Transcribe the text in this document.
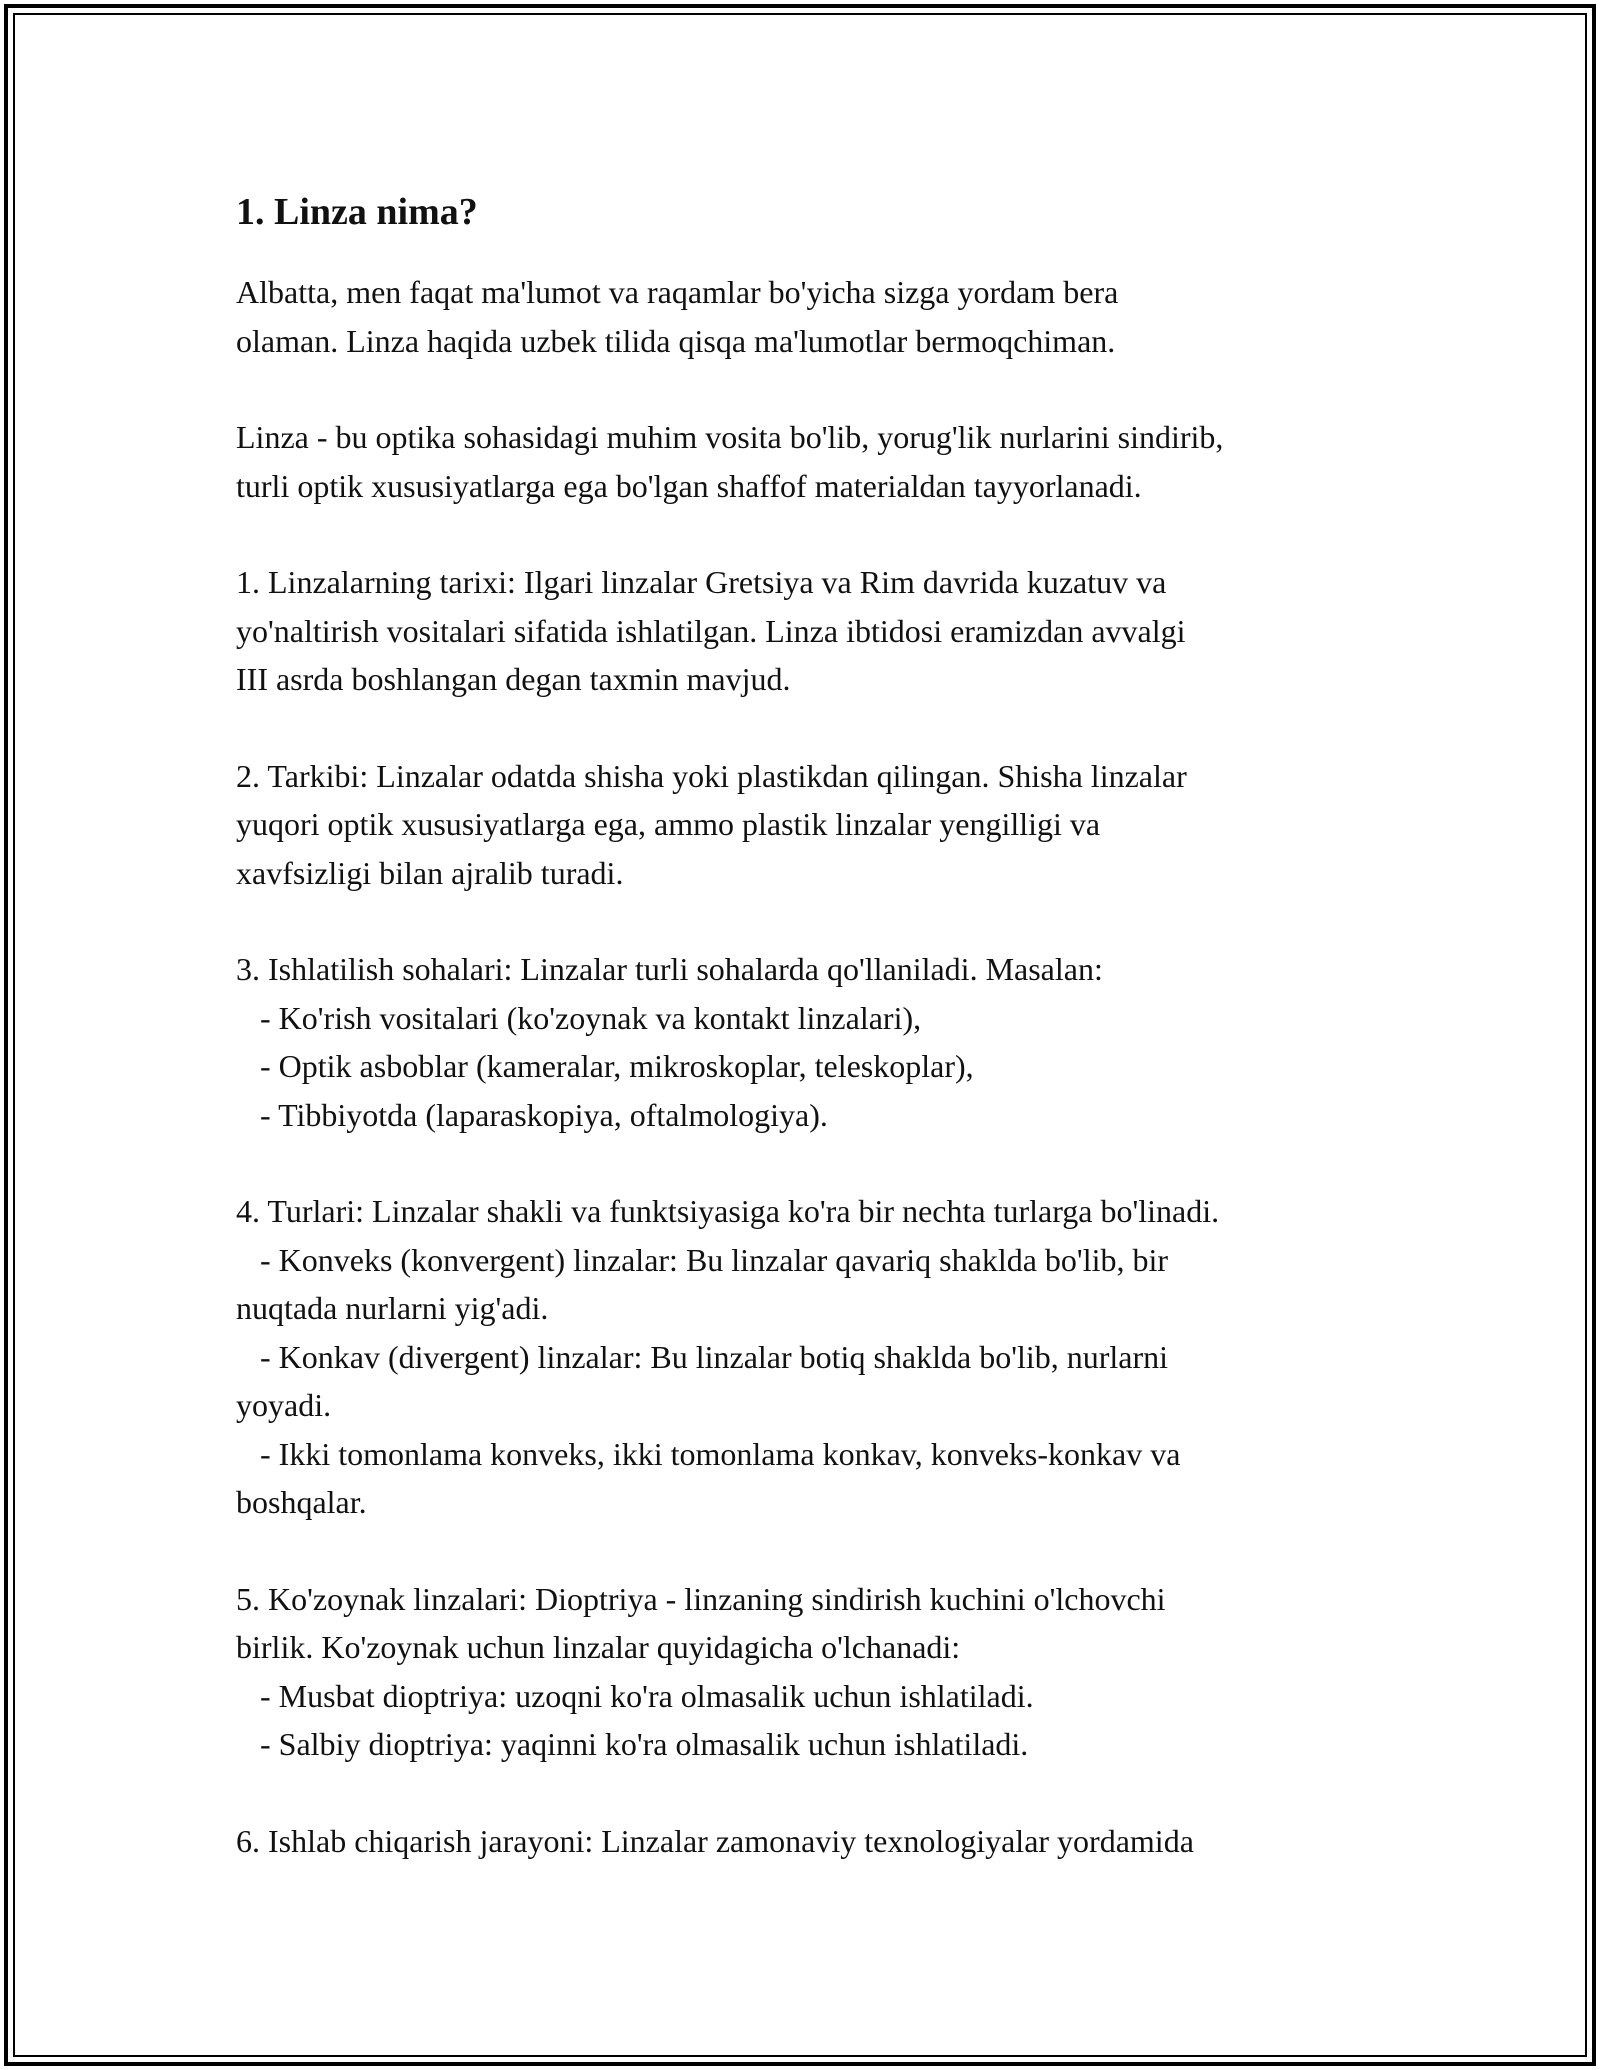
1. Linza nima?
Albatta, men faqat ma'lumot va raqamlar bo'yicha sizga yordam bera
olaman. Linza haqida uzbek tilida qisqa ma'lumotlar bermoqchiman.
Linza - bu optika sohasidagi muhim vosita bo'lib, yorug'lik nurlarini sindirib,
turli optik xususiyatlarga ega bo'lgan shaffof materialdan tayyorlanadi.
1. Linzalarning tarixi: Ilgari linzalar Gretsiya va Rim davrida kuzatuv va
yo'naltirish vositalari sifatida ishlatilgan. Linza ibtidosi eramizdan avvalgi
III asrda boshlangan degan taxmin mavjud.
2. Tarkibi: Linzalar odatda shisha yoki plastikdan qilingan. Shisha linzalar
yuqori optik xususiyatlarga ega, ammo plastik linzalar yengilligi va
xavfsizligi bilan ajralib turadi.
3. Ishlatilish sohalari: Linzalar turli sohalarda qo'llaniladi. Masalan:
- Ko'rish vositalari (ko'zoynak va kontakt linzalari),
- Optik asboblar (kameralar, mikroskoplar, teleskoplar),
- Tibbiyotda (laparaskopiya, oftalmologiya).
4. Turlari: Linzalar shakli va funktsiyasiga ko'ra bir nechta turlarga bo'linadi.
- Konveks (konvergent) linzalar: Bu linzalar qavariq shaklda bo'lib, bir
nuqtada nurlarni yig'adi.
- Konkav (divergent) linzalar: Bu linzalar botiq shaklda bo'lib, nurlarni
yoyadi.
- Ikki tomonlama konveks, ikki tomonlama konkav, konveks-konkav va
boshqalar.
5. Ko'zoynak linzalari: Dioptriya - linzaning sindirish kuchini o'lchovchi
birlik. Ko'zoynak uchun linzalar quyidagicha o'lchanadi:
- Musbat dioptriya: uzoqni ko'ra olmasalik uchun ishlatiladi.
- Salbiy dioptriya: yaqinni ko'ra olmasalik uchun ishlatiladi.
6. Ishlab chiqarish jarayoni: Linzalar zamonaviy texnologiyalar yordamida
